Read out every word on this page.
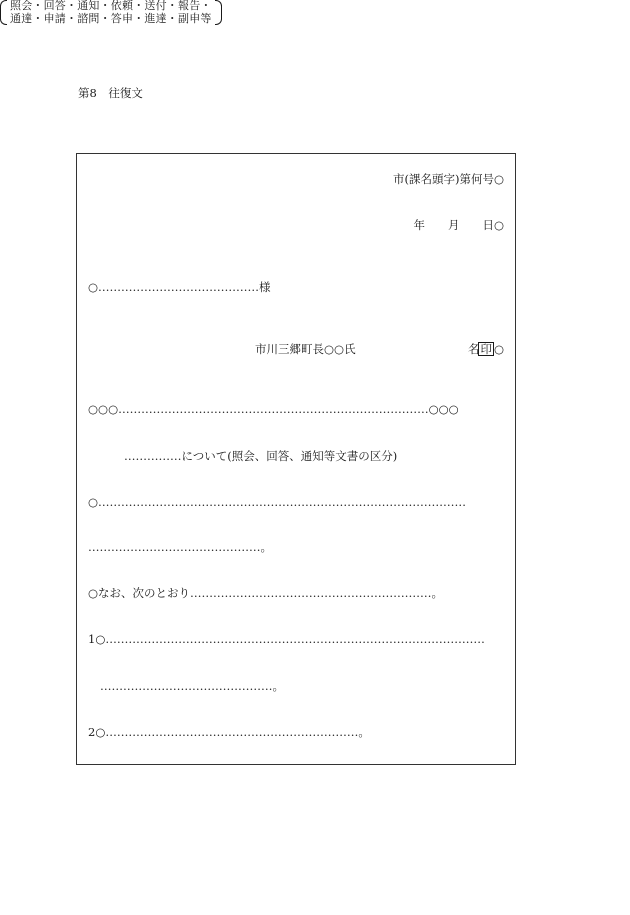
第8　往復文
照会・回答・通知・依頼・送付・報告・
通達・申請・諮問・答申・進達・副申等
市(課名頭字)第何号○
年　　月　　日○
○……………………………………様
市川三郷町長○○氏	名印 ○
○○○………………………………………………………………………○○○
……………について(照会、回答、通知等文書の区分)
○……………………………………………………………………………………
………………………………………。
○なお、次のとおり………………………………………………………。
1○………………………………………………………………………………………
………………………………………。
2○…………………………………………………………。
